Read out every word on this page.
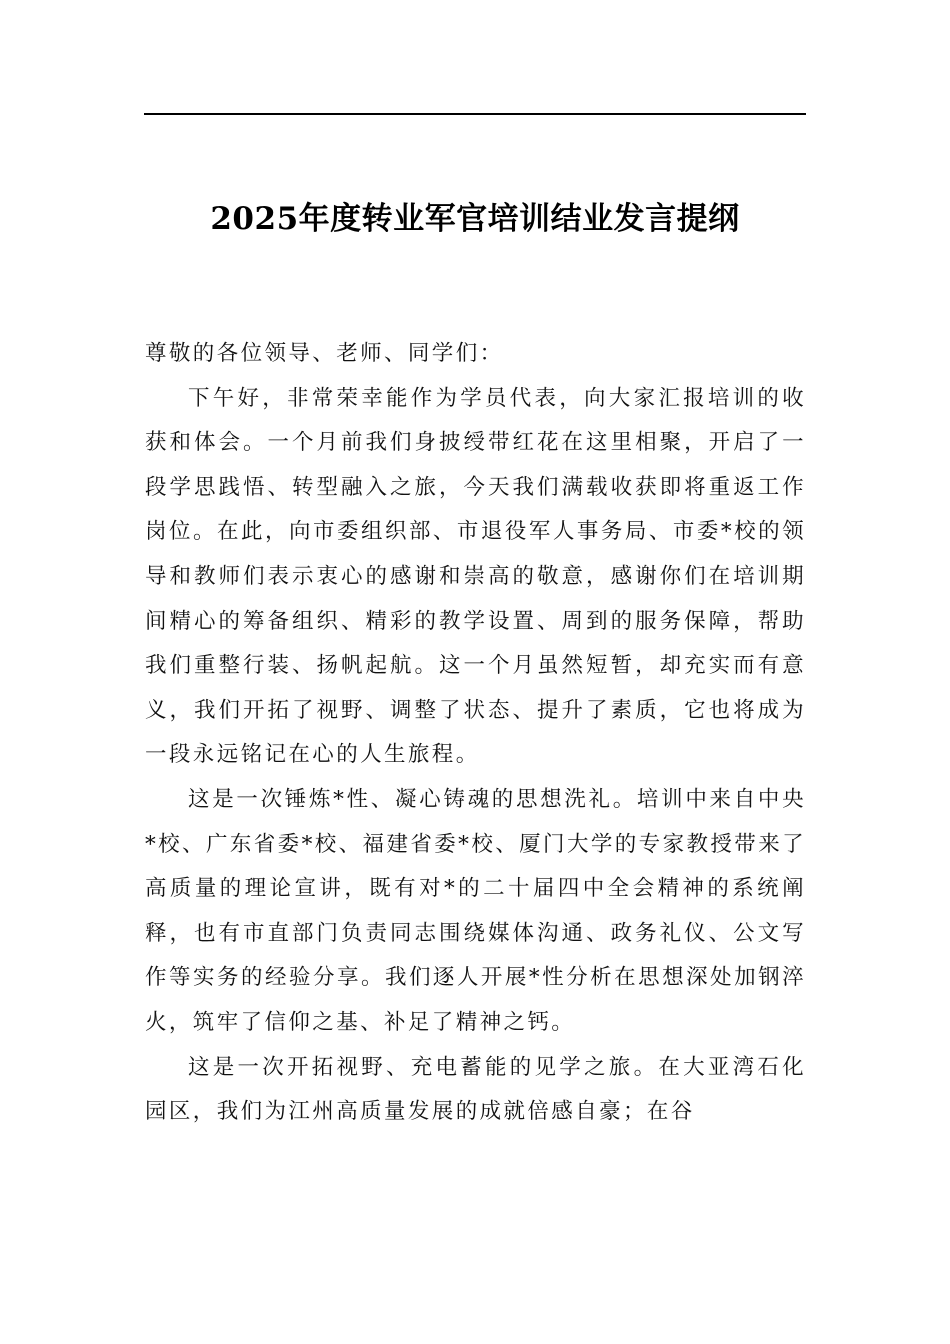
2025年度转业军官培训结业发言提纲

尊敬的各位领导、老师、同学们：

下午好，非常荣幸能作为学员代表，向大家汇报培训的收获和体会。一个月前我们身披绶带红花在这里相聚，开启了一段学思践悟、转型融入之旅，今天我们满载收获即将重返工作岗位。在此，向市委组织部、市退役军人事务局、市委*校的领导和教师们表示衷心的感谢和崇高的敬意，感谢你们在培训期间精心的筹备组织、精彩的教学设置、周到的服务保障，帮助我们重整行装、扬帆起航。这一个月虽然短暂，却充实而有意义，我们开拓了视野、调整了状态、提升了素质，它也将成为一段永远铭记在心的人生旅程。

这是一次锤炼*性、凝心铸魂的思想洗礼。培训中来自中央*校、广东省委*校、福建省委*校、厦门大学的专家教授带来了高质量的理论宣讲，既有对*的二十届四中全会精神的系统阐释，也有市直部门负责同志围绕媒体沟通、政务礼仪、公文写作等实务的经验分享。我们逐人开展*性分析在思想深处加钢淬火，筑牢了信仰之基、补足了精神之钙。

这是一次开拓视野、充电蓄能的见学之旅。在大亚湾石化园区，我们为江州高质量发展的成就倍感自豪；在谷
